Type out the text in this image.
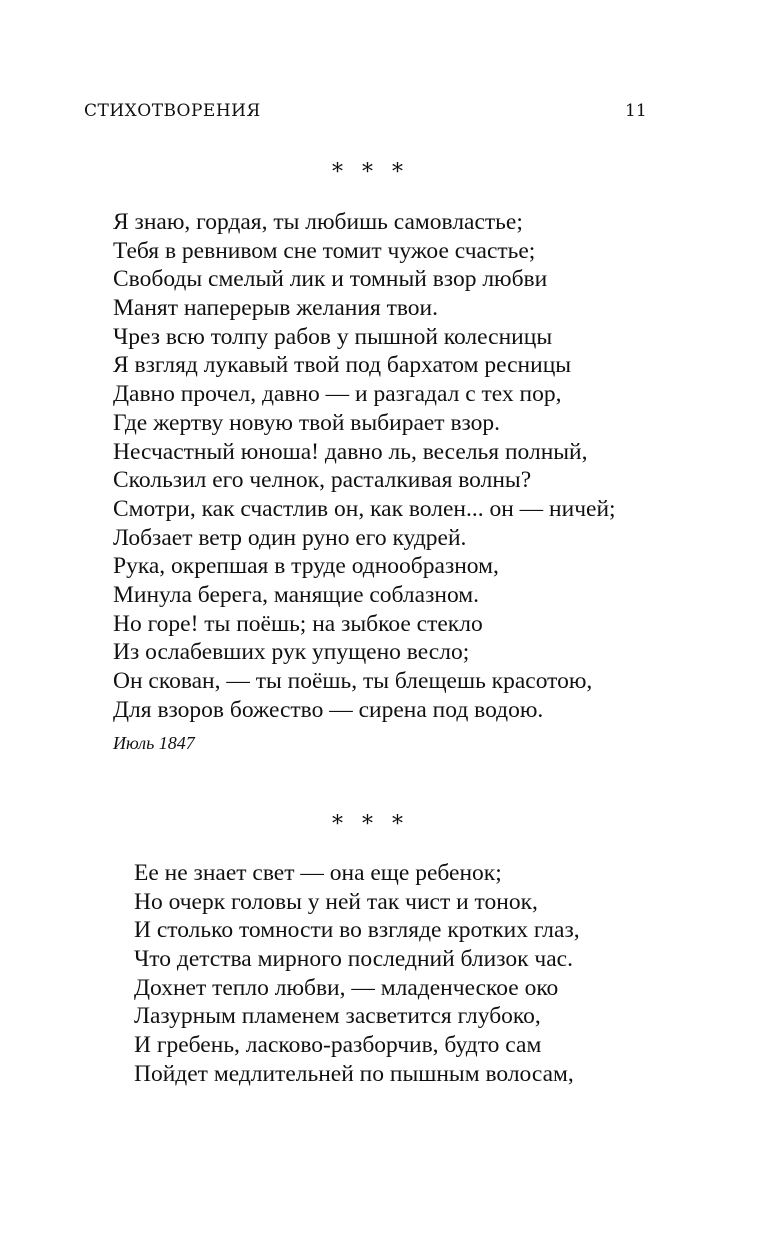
СТИХОТВОРЕНИЯ	11
* * *
Я знаю, гордая, ты любишь самовластье;
Тебя в ревнивом сне томит чужое счастье;
Свободы смелый лик и томный взор любви
Манят наперерыв желания твои.
Чрез всю толпу рабов у пышной колесницы
Я взгляд лукавый твой под бархатом ресницы
Давно прочел, давно — и разгадал с тех пор,
Где жертву новую твой выбирает взор.
Несчастный юноша! давно ль, веселья полный,
Скользил его челнок, расталкивая волны?
Смотри, как счастлив он, как волен... он — ничей;
Лобзает ветр один руно его кудрей.
Рука, окрепшая в труде однообразном,
Минула берега, манящие соблазном.
Но горе! ты поёшь; на зыбкое стекло
Из ослабевших рук упущено весло;
Он скован, — ты поёшь, ты блещешь красотою,
Для взоров божество — сирена под водою.
Июль 1847
* * *
Ее не знает свет — она еще ребенок;
Но очерк головы у ней так чист и тонок,
И столько томности во взгляде кротких глаз,
Что детства мирного последний близок час.
Дохнет тепло любви, — младенческое око
Лазурным пламенем засветится глубоко,
И гребень, ласково-разборчив, будто сам
Пойдет медлительней по пышным волосам,
